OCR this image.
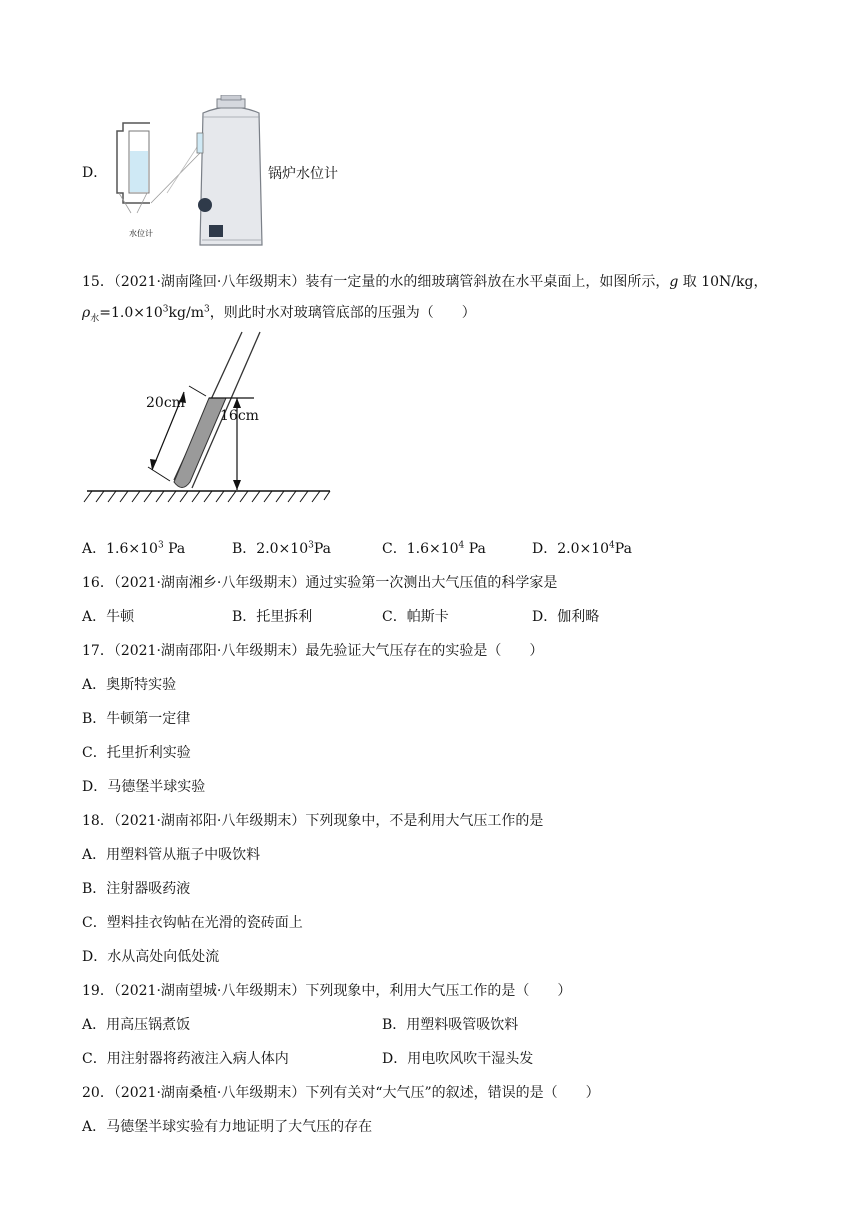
D．
水位计
锅炉水位计
15．（2021·湖南隆回·八年级期末）装有一定量的水的细玻璃管斜放在水平桌面上，如图所示，g 取 10N/kg，
$\rho_水=1.0\times 10^3kg/m^3$，则此时水对玻璃管底部的压强为（　　）
20cm
16cm
A．$1.6\times 10^3$ Pa	B．$2.0\times 10^3Pa$	C．$1.6\times 10^4$ Pa	D．$2.0\times 10^4Pa$
16．（2021·湖南湘乡·八年级期末）通过实验第一次测出大气压值的科学家是
A．牛顿	B．托里拆利	C．帕斯卡	D．伽利略
17．（2021·湖南邵阳·八年级期末）最先验证大气压存在的实验是（　　）
A．奥斯特实验
B．牛顿第一定律
C．托里折利实验
D．马德堡半球实验
18．（2021·湖南祁阳·八年级期末）下列现象中，不是利用大气压工作的是
A．用塑料管从瓶子中吸饮料
B．注射器吸药液
C．塑料挂衣钩帖在光滑的瓷砖面上
D．水从高处向低处流
19．（2021·湖南望城·八年级期末）下列现象中，利用大气压工作的是（　　）
A．用高压锅煮饭	B．用塑料吸管吸饮料
C．用注射器将药液注入病人体内	D．用电吹风吹干湿头发
20．（2021·湖南桑植·八年级期末）下列有关对“大气压”的叙述，错误的是（　　）
A．马德堡半球实验有力地证明了大气压的存在
